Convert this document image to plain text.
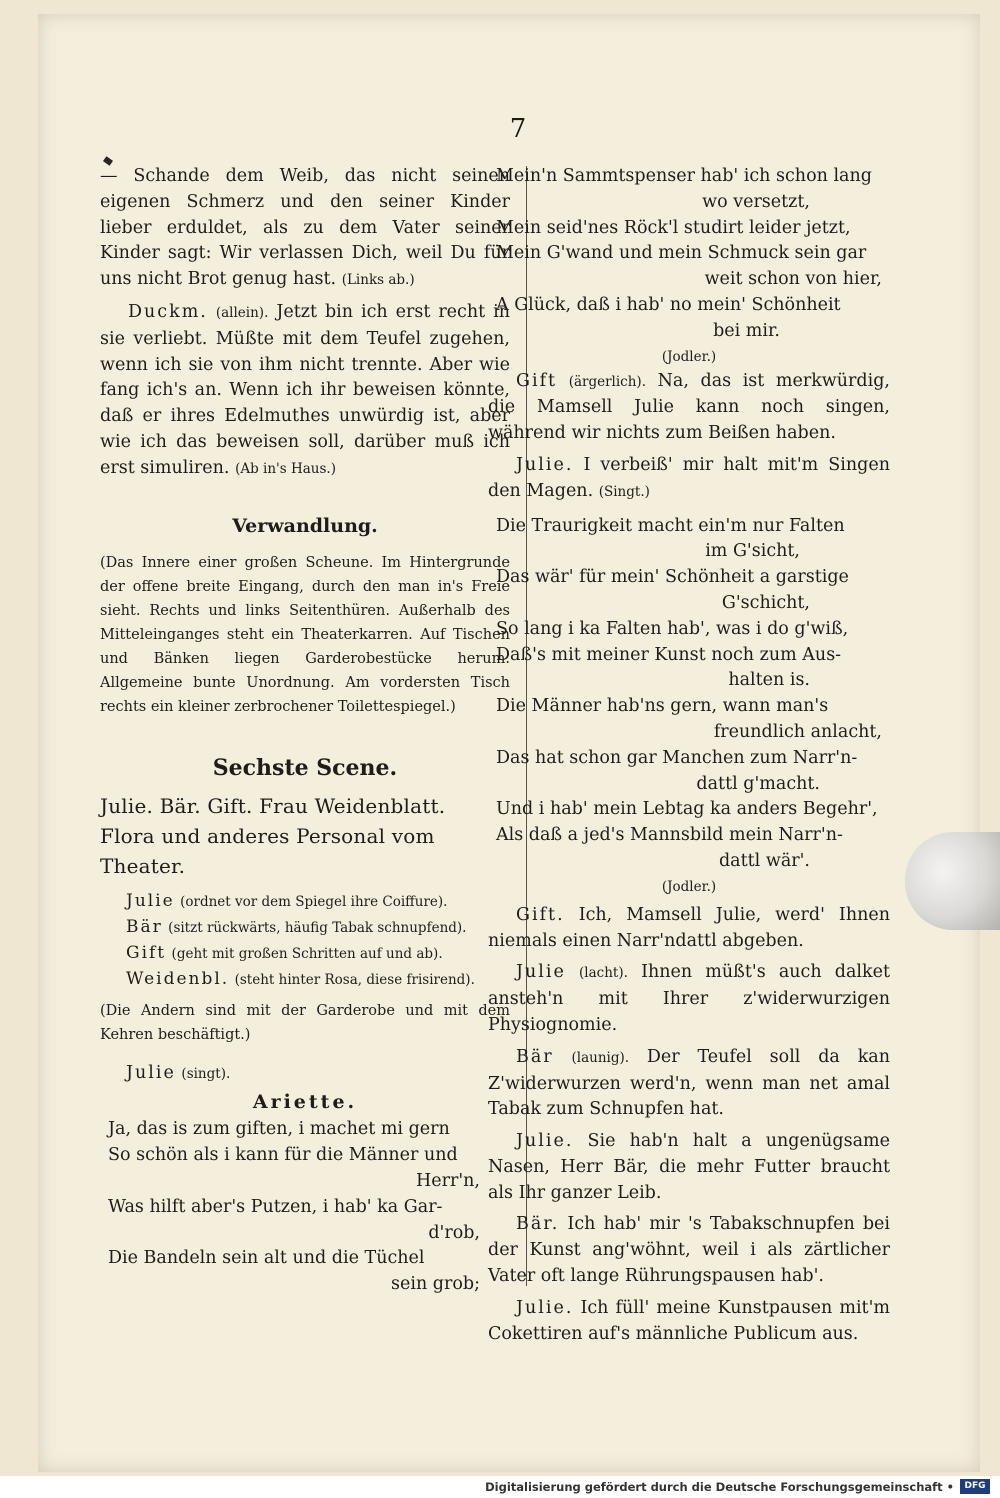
7

— Schande dem Weib, das nicht seinen eigenen Schmerz und den seiner Kinder lieber erduldet, als zu dem Vater seiner Kinder sagt: Wir verlassen Dich, weil Du für uns nicht Brot genug hast. (Links ab.)

Duckm. (allein). Jetzt bin ich erst recht in sie verliebt. Müßte mit dem Teufel zugehen, wenn ich sie von ihm nicht trennte. Aber wie fang ich's an. Wenn ich ihr beweisen könnte, daß er ihres Edelmuthes unwürdig ist, aber wie ich das beweisen soll, darüber muß ich erst simuliren. (Ab in's Haus.)

Verwandlung.

(Das Innere einer großen Scheune. Im Hintergrunde der offene breite Eingang, durch den man in's Freie sieht. Rechts und links Seitenthüren. Außerhalb des Mitteleinganges steht ein Theaterkarren. Auf Tischen und Bänken liegen Garderobestücke herum. Allgemeine bunte Unordnung. Am vordersten Tisch rechts ein kleiner zerbrochener Toilettespiegel.)

Sechste Scene.

Julie. Bär. Gift. Frau Weidenblatt.

Flora und anderes Personal vom Theater.

Julie (ordnet vor dem Spiegel ihre Coiffure).
Bär (sitzt rückwärts, häufig Tabak schnupfend).
Gift (geht mit großen Schritten auf und ab).
Weidenbl. (steht hinter Rosa, diese frisirend).

(Die Andern sind mit der Garderobe und mit dem Kehren beschäftigt.)

Julie (singt).

Ariette.
Ja, das is zum giften, i machet mi gern
So schön als i kann für die Männer und
Herr'n,
Was hilft aber's Putzen, i hab' ka Gar-
d'rob,
Die Bandeln sein alt und die Tüchel
sein grob;
Mein'n Sammtspenser hab' ich schon lang
wo versetzt,
Mein seid'nes Röck'l studirt leider jetzt,
Mein G'wand und mein Schmuck sein gar
weit schon von hier,
A Glück, daß i hab' no mein' Schönheit
bei mir.
(Jodler.)

Gift (ärgerlich). Na, das ist merkwürdig, die Mamsell Julie kann noch singen, während wir nichts zum Beißen haben.

Julie. I verbeiß' mir halt mit'm Singen den Magen. (Singt.)

Die Traurigkeit macht ein'm nur Falten
im G'sicht,
Das wär' für mein' Schönheit a garstige
G'schicht,
So lang i ka Falten hab', was i do g'wiß,
Daß's mit meiner Kunst noch zum Aus-
halten is.
Die Männer hab'ns gern, wann man's
freundlich anlacht,
Das hat schon gar Manchen zum Narr'n-
dattl g'macht.
Und i hab' mein Lebtag ka anders Begehr',
Als daß a jed's Mannsbild mein Narr'n-
dattl wär'.
(Jodler.)

Gift. Ich, Mamsell Julie, werd' Ihnen niemals einen Narr'ndattl abgeben.

Julie (lacht). Ihnen müßt's auch dalket ansteh'n mit Ihrer z'widerwurzigen Physiognomie.

Bär (launig). Der Teufel soll da kan Z'widerwurzen werd'n, wenn man net amal Tabak zum Schnupfen hat.

Julie. Sie hab'n halt a ungenügsame Nasen, Herr Bär, die mehr Futter braucht als Ihr ganzer Leib.

Bär. Ich hab' mir 's Tabakschnupfen bei der Kunst ang'wöhnt, weil i als zärtlicher Vater oft lange Rührungspausen hab'.

Julie. Ich füll' meine Kunstpausen mit'm Cokettiren auf's männliche Publicum aus.

Digitalisierung gefördert durch die Deutsche Forschungsgemeinschaft •	DFG
